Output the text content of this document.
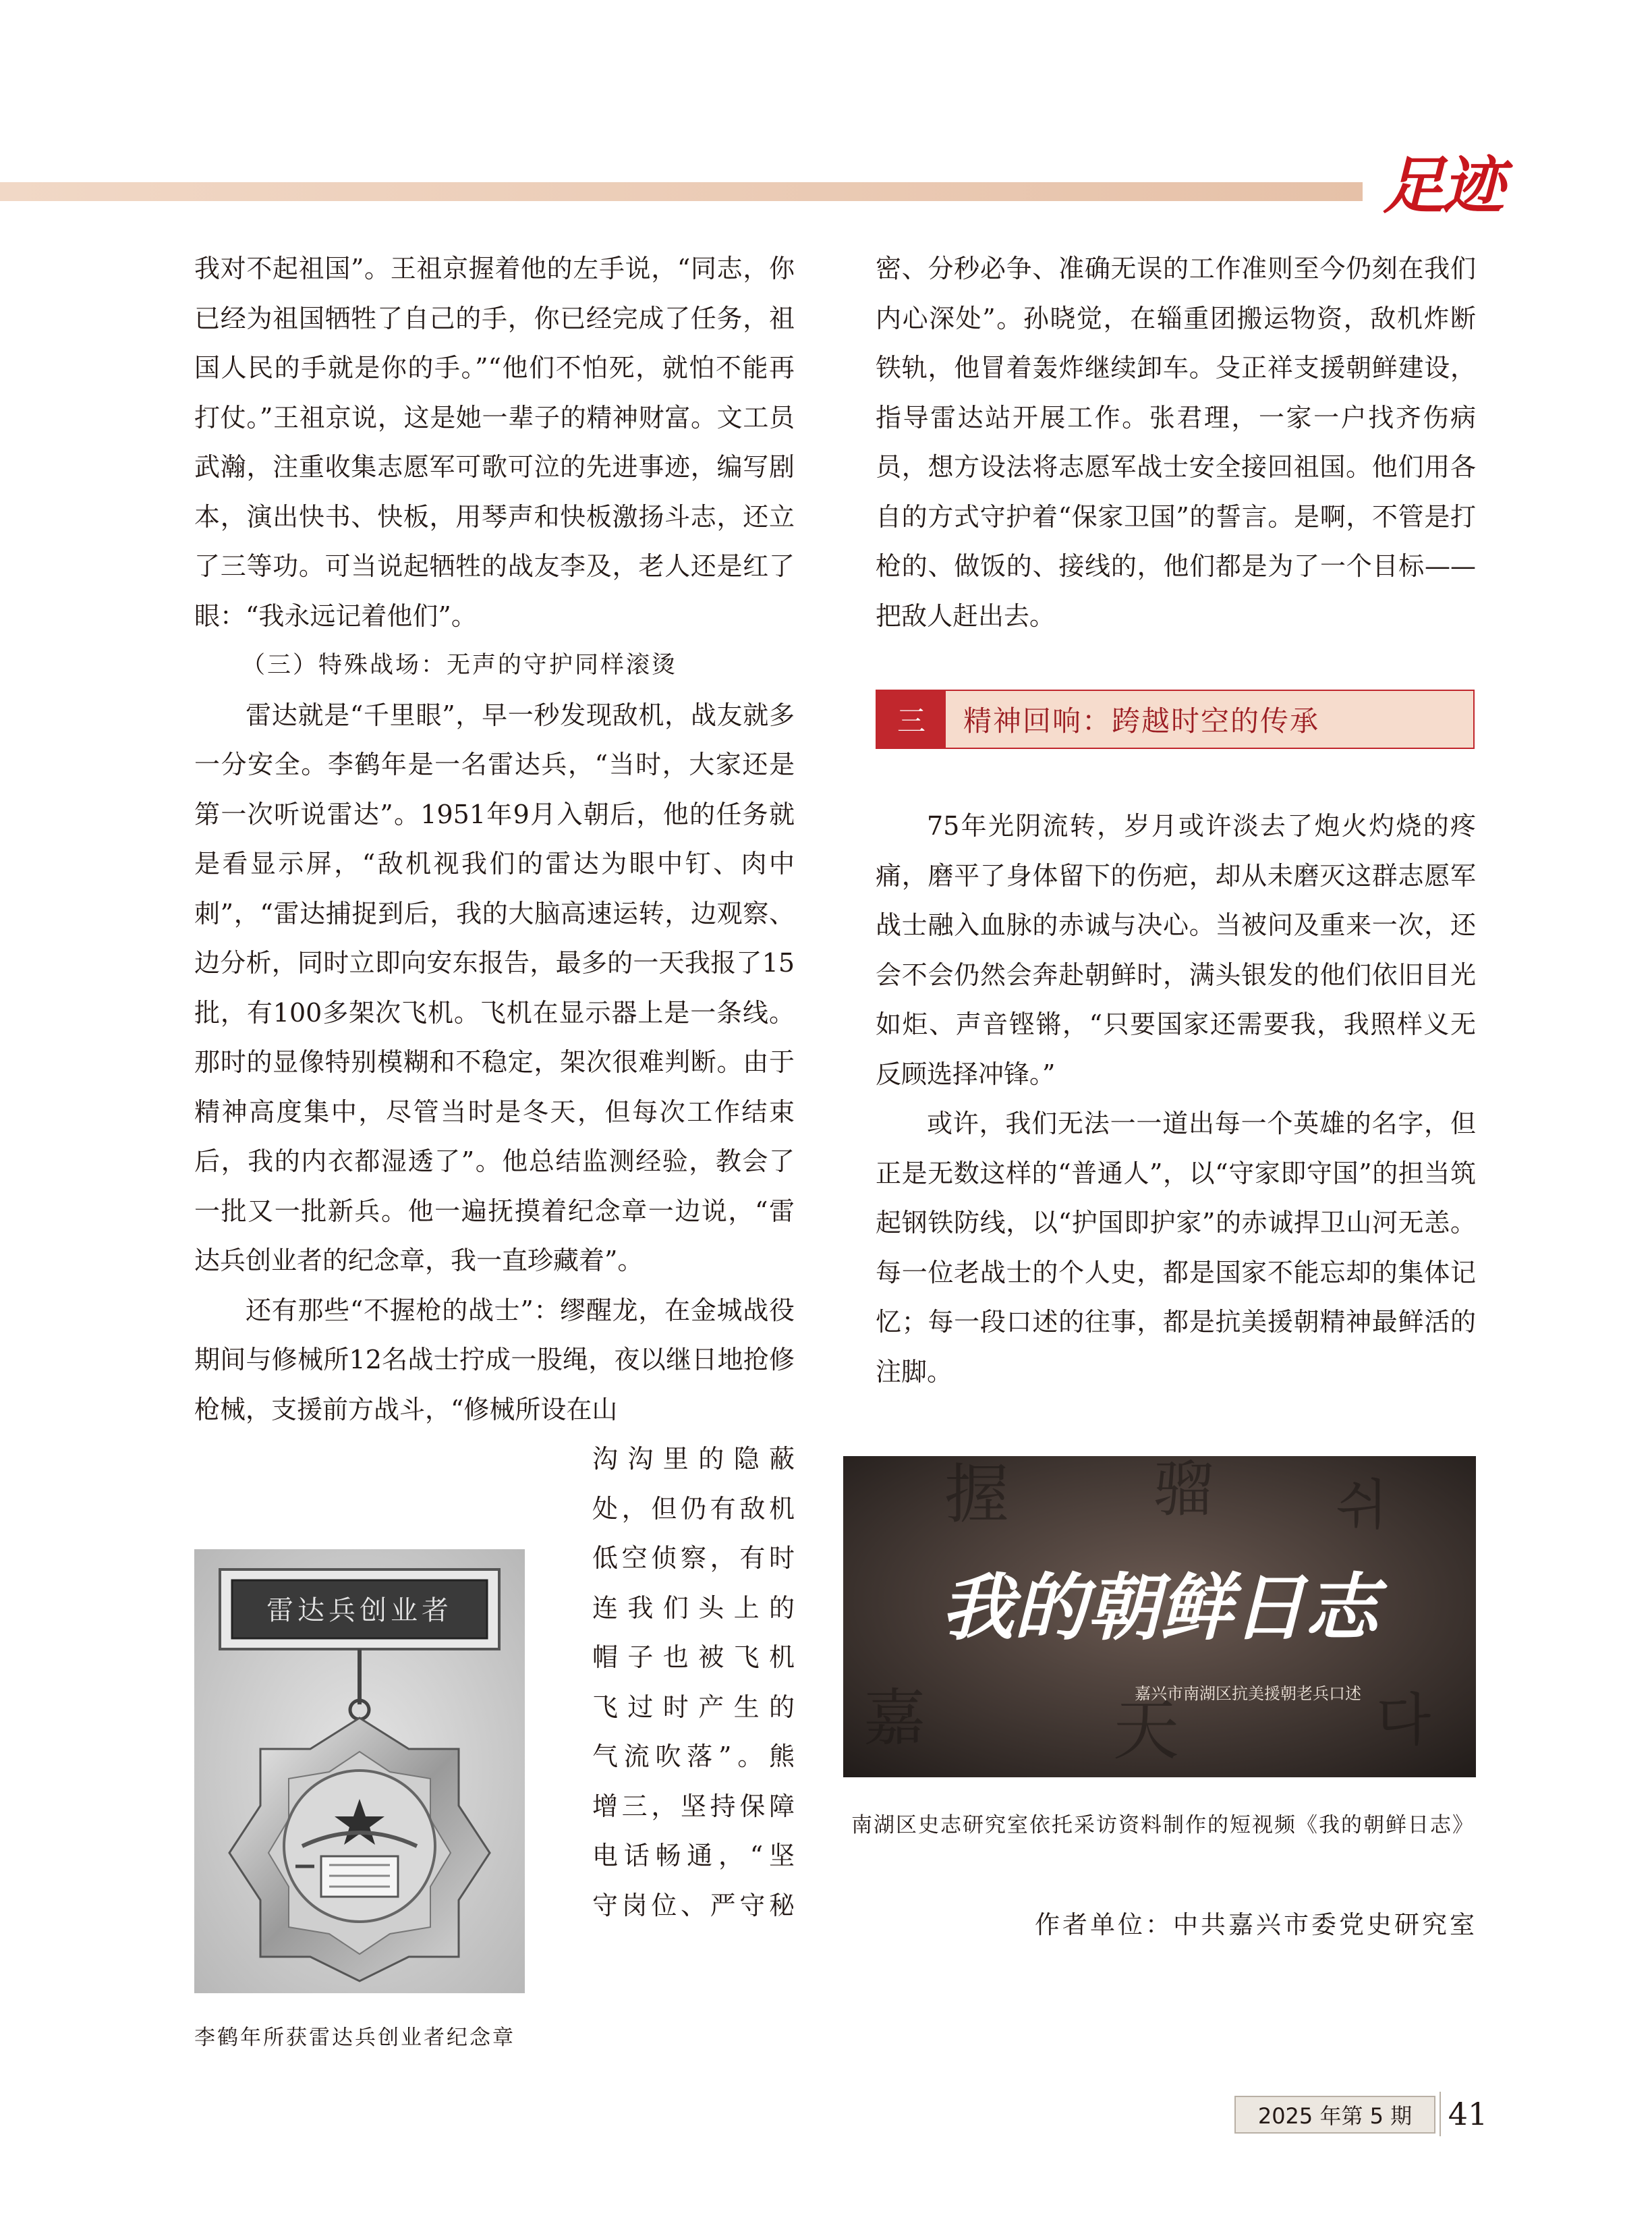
足迹

我对不起祖国”。王祖京握着他的左手说，“同志，你已经为祖国牺牲了自己的手，你已经完成了任务，祖国人民的手就是你的手。”“他们不怕死，就怕不能再打仗。”王祖京说，这是她一辈子的精神财富。文工员武瀚，注重收集志愿军可歌可泣的先进事迹，编写剧本，演出快书、快板，用琴声和快板激扬斗志，还立了三等功。可当说起牺牲的战友李及，老人还是红了眼：“我永远记着他们”。

（三）特殊战场：无声的守护同样滚烫

雷达就是“千里眼”，早一秒发现敌机，战友就多一分安全。李鹤年是一名雷达兵，“当时，大家还是第一次听说雷达”。1951年9月入朝后，他的任务就是看显示屏，“敌机视我们的雷达为眼中钉、肉中刺”，“雷达捕捉到后，我的大脑高速运转，边观察、边分析，同时立即向安东报告，最多的一天我报了15批，有100多架次飞机。飞机在显示器上是一条线。那时的显像特别模糊和不稳定，架次很难判断。由于精神高度集中，尽管当时是冬天，但每次工作结束后，我的内衣都湿透了”。他总结监测经验，教会了一批又一批新兵。他一遍抚摸着纪念章一边说，“雷达兵创业者的纪念章，我一直珍藏着”。

还有那些“不握枪的战士”：缪醒龙，在金城战役期间与修械所12名战士拧成一股绳，夜以继日地抢修枪械，支援前方战斗，“修械所设在山

沟沟里的隐蔽
处，但仍有敌机
低空侦察，有时
连我们头上的
帽子也被飞机
飞过时产生的
气流吹落”。熊
增三，坚持保障
电话畅通，“坚
守岗位、严守秘
雷达兵创业者
李鹤年所获雷达兵创业者纪念章

密、分秒必争、准确无误的工作准则至今仍刻在我们内心深处”。孙晓觉，在辎重团搬运物资，敌机炸断铁轨，他冒着轰炸继续卸车。殳正祥支援朝鲜建设，指导雷达站开展工作。张君理，一家一户找齐伤病员，想方设法将志愿军战士安全接回祖国。他们用各自的方式守护着“保家卫国”的誓言。是啊，不管是打枪的、做饭的、接线的，他们都是为了一个目标——把敌人赶出去。

三	精神回响：跨越时空的传承

75年光阴流转，岁月或许淡去了炮火灼烧的疼痛，磨平了身体留下的伤疤，却从未磨灭这群志愿军战士融入血脉的赤诚与决心。当被问及重来一次，还会不会仍然会奔赴朝鲜时，满头银发的他们依旧目光如炬、声音铿锵，“只要国家还需要我，我照样义无反顾选择冲锋。”

或许，我们无法一一道出每一个英雄的名字，但正是无数这样的“普通人”，以“守家即守国”的担当筑起钢铁防线，以“护国即护家”的赤诚捍卫山河无恙。每一位老战士的个人史，都是国家不能忘却的集体记忆；每一段口述的往事，都是抗美援朝精神最鲜活的注脚。

握 骝 쉬
嘉	天	다
我的朝鲜日志
嘉兴市南湖区抗美援朝老兵口述
南湖区史志研究室依托采访资料制作的短视频《我的朝鲜日志》
作者单位：中共嘉兴市委党史研究室
2025 年第 5 期	41
